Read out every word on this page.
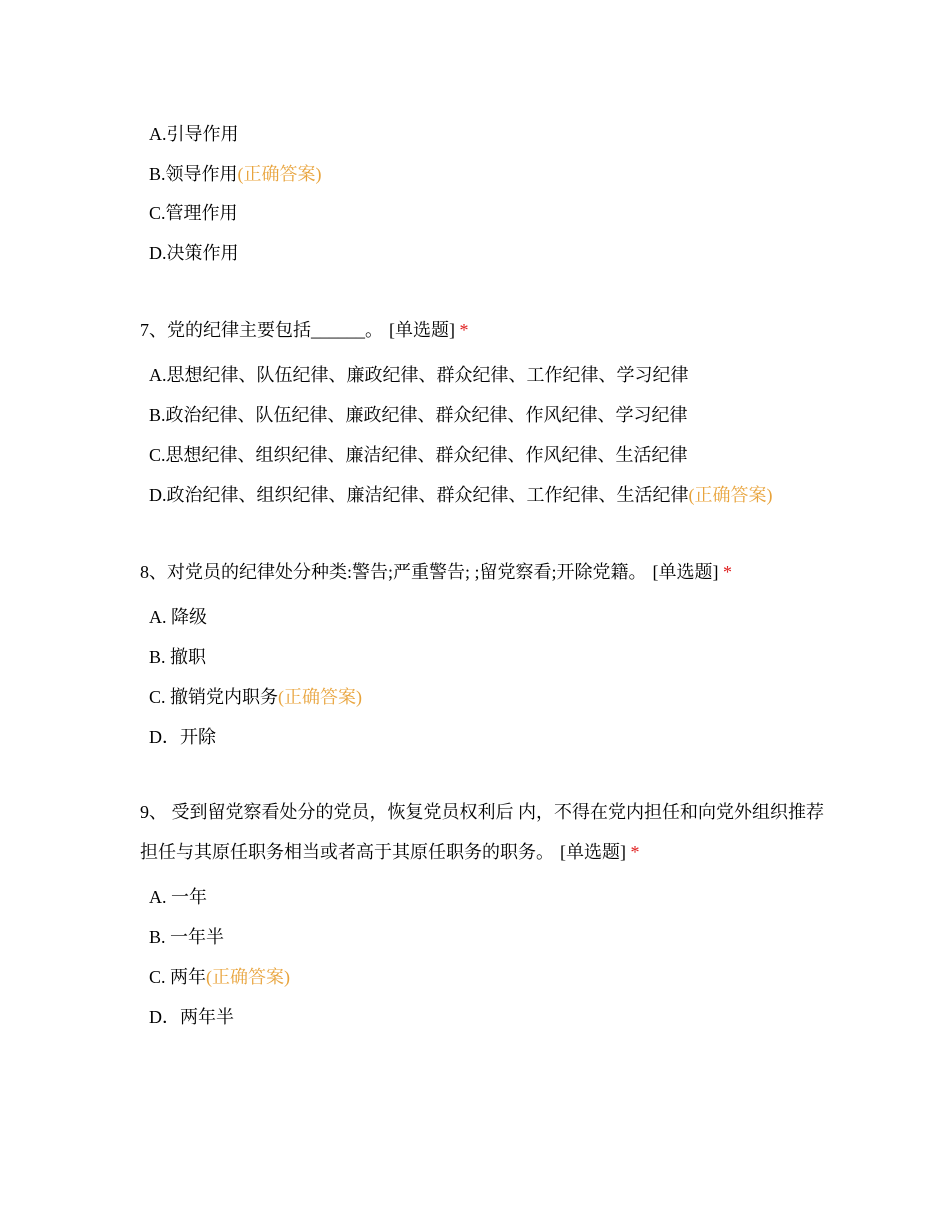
A.引导作用
B.领导作用(正确答案)
C.管理作用
D.决策作用
7、党的纪律主要包括______。 [单选题] *
A.思想纪律、队伍纪律、廉政纪律、群众纪律、工作纪律、学习纪律
B.政治纪律、队伍纪律、廉政纪律、群众纪律、作风纪律、学习纪律
C.思想纪律、组织纪律、廉洁纪律、群众纪律、作风纪律、生活纪律
D.政治纪律、组织纪律、廉洁纪律、群众纪律、工作纪律、生活纪律(正确答案)
8、对党员的纪律处分种类:警告;严重警告; ;留党察看;开除党籍。 [单选题] *
A. 降级
B. 撤职
C. 撤销党内职务(正确答案)
D．开除
9、 受到留党察看处分的党员，恢复党员权利后 内，不得在党内担任和向党外组织推荐担任与其原任职务相当或者高于其原任职务的职务。 [单选题] *
A. 一年
B. 一年半
C. 两年(正确答案)
D．两年半
